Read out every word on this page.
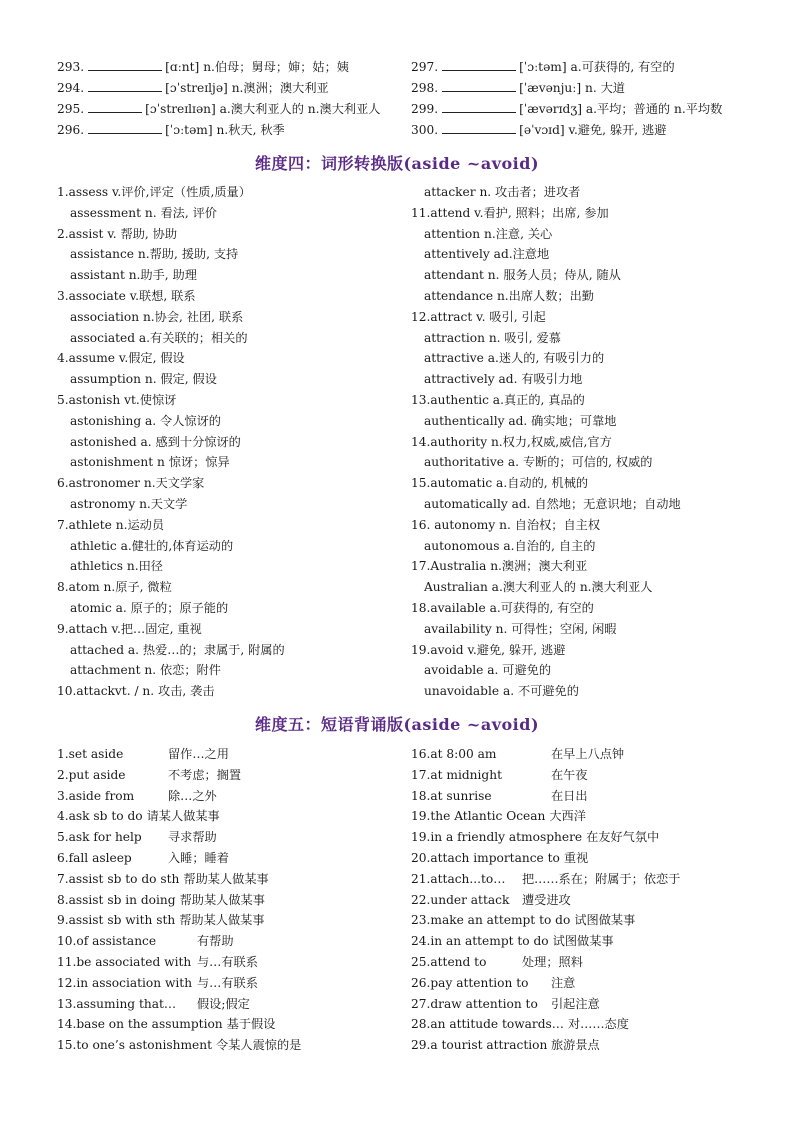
293.	[ɑːnt] n.伯母；舅母；婶；姑；姨
294.	[ɔˈstreɪljə] n.澳洲；澳大利亚
295.	[ɔˈstreɪlɪən] a.澳大利亚人的 n.澳大利亚人
296.	[ˈɔːtəm] n.秋天, 秋季
297.	[ˈɔːtəm] a.可获得的, 有空的
298.	[ˈævənjuː] n. 大道
299.	[ˈævərɪdʒ] a.平均；普通的 n.平均数
300.	[əˈvɔɪd] v.避免, 躲开, 逃避
维度四：词形转换版(aside ~avoid)
1.assess v.评价,评定（性质,质量）
assessment n. 看法, 评价
2.assist v. 帮助, 协助
assistance n.帮助, 援助, 支持
assistant n.助手, 助理
3.associate v.联想, 联系
association n.协会, 社团, 联系
associated a.有关联的；相关的
4.assume v.假定, 假设
assumption n. 假定, 假设
5.astonish vt.使惊讶
astonishing a. 令人惊讶的
astonished a. 感到十分惊讶的
astonishment n 惊讶；惊异
6.astronomer n.天文学家
astronomy n.天文学
7.athlete n.运动员
athletic a.健壮的,体育运动的
athletics n.田径
8.atom n.原子, 微粒
atomic a. 原子的；原子能的
9.attach v.把…固定, 重视
attached a. 热爱…的；隶属于, 附属的
attachment n. 依恋；附件
10.attackvt. / n. 攻击, 袭击
attacker n. 攻击者；进攻者
11.attend v.看护, 照料；出席, 参加
attention n.注意, 关心
attentively ad.注意地
attendant n. 服务人员；侍从, 随从
attendance n.出席人数；出勤
12.attract v. 吸引, 引起
attraction n. 吸引, 爱慕
attractive a.迷人的, 有吸引力的
attractively ad. 有吸引力地
13.authentic a.真正的, 真品的
authentically ad. 确实地；可靠地
14.authority n.权力,权威,威信,官方
authoritative a. 专断的；可信的, 权威的
15.automatic a.自动的, 机械的
automatically ad. 自然地；无意识地；自动地
16. autonomy n. 自治权；自主权
autonomous a.自治的, 自主的
17.Australia n.澳洲；澳大利亚
Australian a.澳大利亚人的 n.澳大利亚人
18.available a.可获得的, 有空的
availability n. 可得性；空闲, 闲暇
19.avoid v.避免, 躲开, 逃避
avoidable a. 可避免的
unavoidable a. 不可避免的
维度五：短语背诵版(aside ~avoid)
1.set aside	留作…之用
2.put aside	不考虑；搁置
3.aside from	除…之外
4.ask sb to do 请某人做某事
5.ask for help 寻求帮助
6.fall asleep	入睡；睡着
7.assist sb to do sth 帮助某人做某事
8.assist sb in doing 帮助某人做某事
9.assist sb with sth 帮助某人做某事
10.of assistance	有帮助
11.be associated with 与…有联系
12.in association with 与…有联系
13.assuming that… 假设;假定
14.base on the assumption 基于假设
15.to one’s astonishment 令某人震惊的是
16.at 8:00 am	在早上八点钟
17.at midnight	在午夜
18.at sunrise	在日出
19.the Atlantic Ocean 大西洋
19.in a friendly atmosphere 在友好气氛中
20.attach importance to 重视
21.attach...to… 把……系在；附属于；依恋于
22.under attack 遭受进攻
23.make an attempt to do 试图做某事
24.in an attempt to do 试图做某事
25.attend to	处理；照料
26.pay attention to 注意
27.draw attention to 引起注意
28.an attitude towards… 对……态度
29.a tourist attraction 旅游景点
